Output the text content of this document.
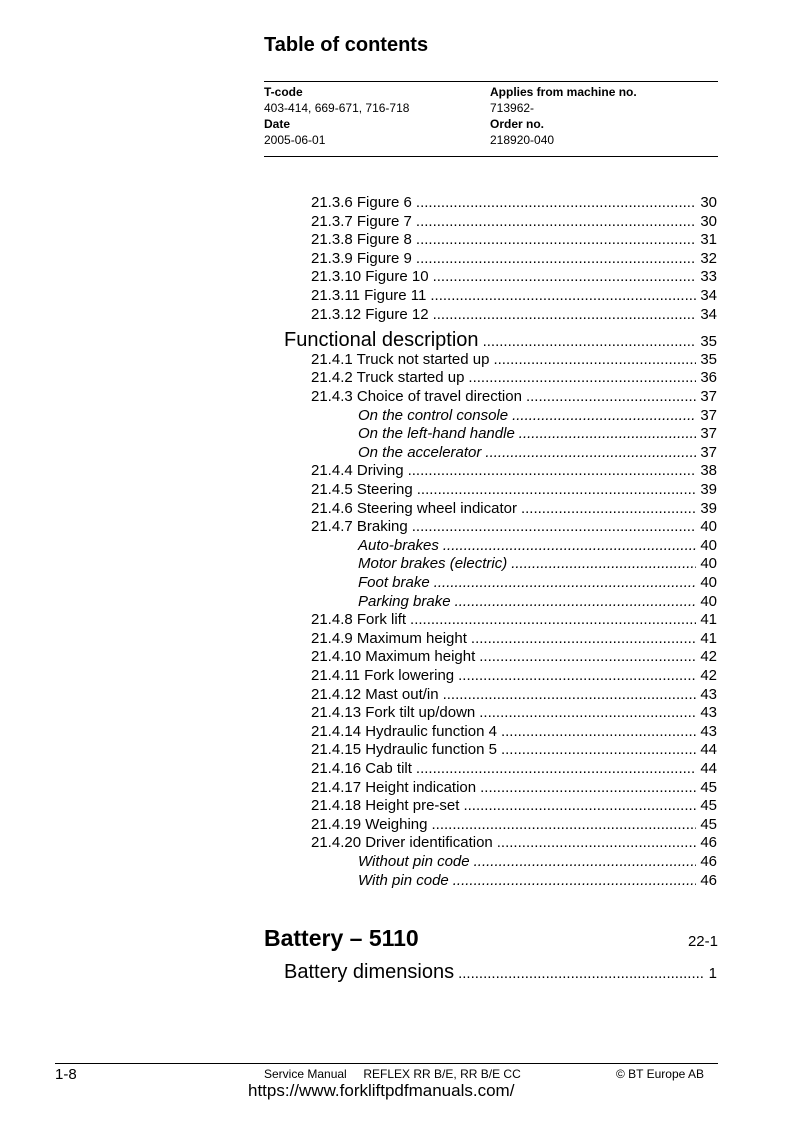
Table of contents
T-code
403-414, 669-671, 716-718
Date
2005-06-01
Applies from machine no.
713962-
Order no.
218920-040
21.3.6 Figure 6 .....	30
21.3.7 Figure 7 .....	30
21.3.8 Figure 8 .....	31
21.3.9 Figure 9 .....	32
21.3.10 Figure 10 .....	33
21.3.11 Figure 11 .....	34
21.3.12 Figure 12 .....	34
Functional description .....	35
21.4.1 Truck not started up .....	35
21.4.2 Truck started up .....	36
21.4.3 Choice of travel direction .....	37
On the control console .....	37
On the left-hand handle .....	37
On the accelerator .....	37
21.4.4 Driving .....	38
21.4.5 Steering .....	39
21.4.6 Steering wheel indicator .....	39
21.4.7 Braking .....	40
Auto-brakes .....	40
Motor brakes (electric) .....	40
Foot brake .....	40
Parking brake .....	40
21.4.8 Fork lift .....	41
21.4.9 Maximum height .....	41
21.4.10 Maximum height .....	42
21.4.11 Fork lowering .....	42
21.4.12 Mast out/in .....	43
21.4.13 Fork tilt up/down .....	43
21.4.14 Hydraulic function 4 .....	43
21.4.15 Hydraulic function 5 .....	44
21.4.16 Cab tilt .....	44
21.4.17 Height indication .....	45
21.4.18 Height pre-set .....	45
21.4.19 Weighing .....	45
21.4.20 Driver identification .....	46
Without pin code .....	46
With pin code .....	46
Battery – 5110	22-1
Battery dimensions .....	1
1-8	Service Manual     REFLEX RR B/E, RR B/E CC	© BT Europe AB
https://www.forkliftpdfmanuals.com/
